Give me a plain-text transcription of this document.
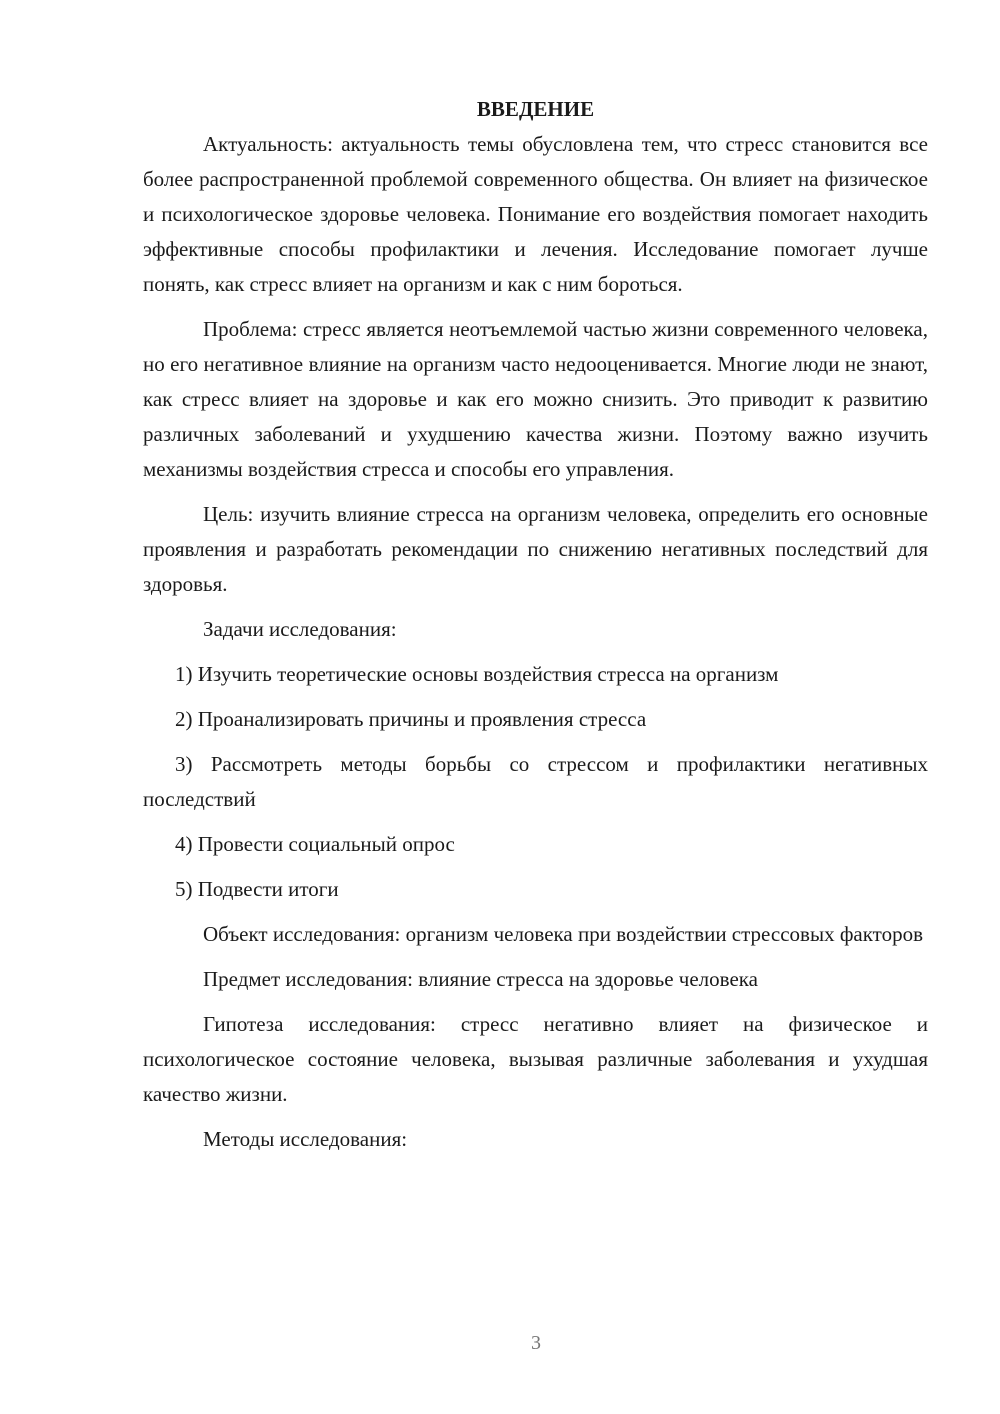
ВВЕДЕНИЕ

Актуальность: актуальность темы обусловлена тем, что стресс становится все более распространенной проблемой современного общества. Он влияет на физическое и психологическое здоровье человека. Понимание его воздействия помогает находить эффективные способы профилактики и лечения. Исследование помогает лучше понять, как стресс влияет на организм и как с ним бороться.

Проблема: стресс является неотъемлемой частью жизни современного человека, но его негативное влияние на организм часто недооценивается. Многие люди не знают, как стресс влияет на здоровье и как его можно снизить. Это приводит к развитию различных заболеваний и ухудшению качества жизни. Поэтому важно изучить механизмы воздействия стресса и способы его управления.

Цель: изучить влияние стресса на организм человека, определить его основные проявления и разработать рекомендации по снижению негативных последствий для здоровья.

Задачи исследования:

1) Изучить теоретические основы воздействия стресса на организм

2) Проанализировать причины и проявления стресса

3) Рассмотреть методы борьбы со стрессом и профилактики негативных последствий

4) Провести социальный опрос

5) Подвести итоги

Объект исследования: организм человека при воздействии стрессовых факторов

Предмет исследования: влияние стресса на здоровье человека

Гипотеза исследования: стресс негативно влияет на физическое и психологическое состояние человека, вызывая различные заболевания и ухудшая качество жизни.

Методы исследования:

3
